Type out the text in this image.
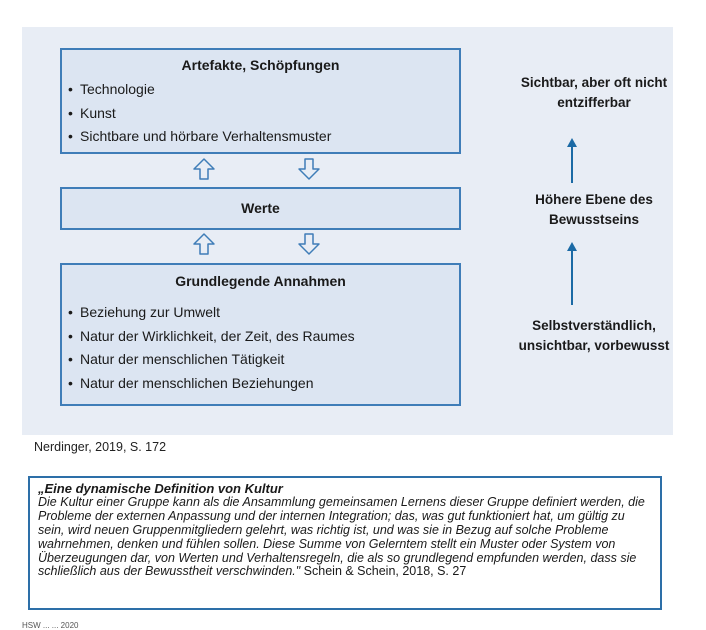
Artefakte, Schöpfungen
• Technologie
• Kunst
• Sichtbare und hörbare Verhaltensmuster
Werte
Grundlegende Annahmen
• Beziehung zur Umwelt
• Natur der Wirklichkeit, der Zeit, des Raumes
• Natur der menschlichen Tätigkeit
• Natur der menschlichen Beziehungen
Sichtbar, aber oft nicht entzifferbar
Höhere Ebene des Bewusstseins
Selbstverständlich, unsichtbar, vorbewusst
Nerdinger, 2019, S. 172
„Eine dynamische Definition von Kultur
Die Kultur einer Gruppe kann als die Ansammlung gemeinsamen Lernens dieser Gruppe definiert werden, die Probleme der externen Anpassung und der internen Integration; das, was gut funktioniert hat, um gültig zu sein, wird neuen Gruppenmitgliedern gelehrt, was richtig ist, und was sie in Bezug auf solche Probleme wahrnehmen, denken und fühlen sollen. Diese Summe von Gelerntem stellt ein Muster oder System von Überzeugungen dar, von Werten und Verhaltensregeln, die als so grundlegend empfunden werden, dass sie schließlich aus der Bewusstheit verschwinden." Schein & Schein, 2018, S. 27
HSW ... ... 2020
